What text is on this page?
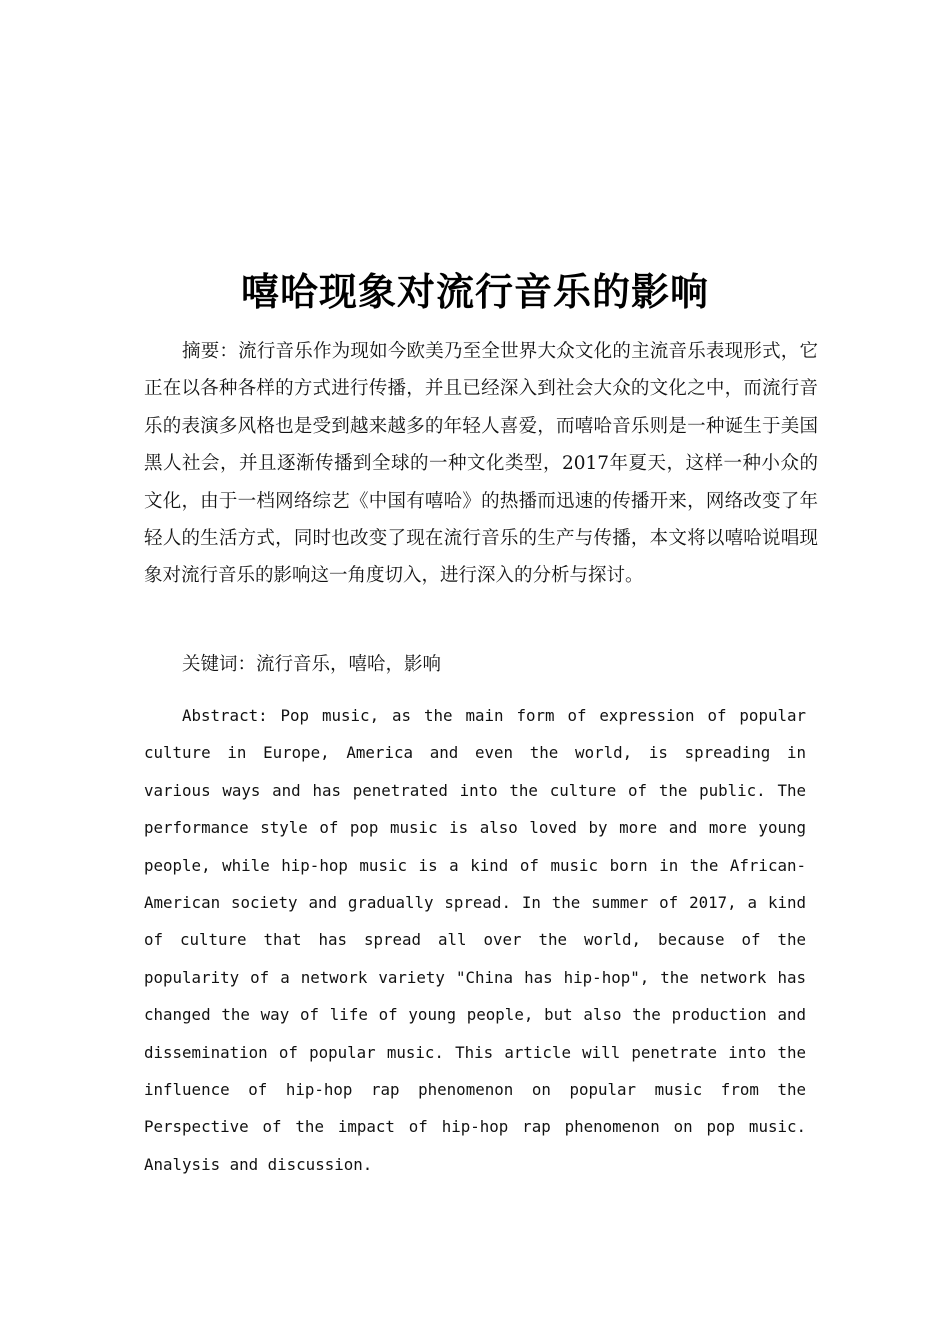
嘻哈现象对流行音乐的影响

摘要：流行音乐作为现如今欧美乃至全世界大众文化的主流音乐表现形式，它正在以各种各样的方式进行传播，并且已经深入到社会大众的文化之中，而流行音乐的表演多风格也是受到越来越多的年轻人喜爱，而嘻哈音乐则是一种诞生于美国黑人社会，并且逐渐传播到全球的一种文化类型，2017年夏天，这样一种小众的文化，由于一档网络综艺《中国有嘻哈》的热播而迅速的传播开来，网络改变了年轻人的生活方式，同时也改变了现在流行音乐的生产与传播，本文将以嘻哈说唱现象对流行音乐的影响这一角度切入，进行深入的分析与探讨。

关键词：流行音乐，嘻哈，影响

Abstract: Pop music, as the main form of expression of popular culture in Europe, America and even the world, is spreading in various ways and has penetrated into the culture of the public. The performance style of pop music is also loved by more and more young people, while hip-hop music is a kind of music born in the African-American society and gradually spread. In the summer of 2017, a kind of culture that has spread all over the world, because of the popularity of a network variety "China has hip-hop", the network has changed the way of life of young people, but also the production and dissemination of popular music. This article will penetrate into the influence of hip-hop rap phenomenon on popular music from the Perspective of the impact of hip-hop rap phenomenon on pop music. Analysis and discussion.
